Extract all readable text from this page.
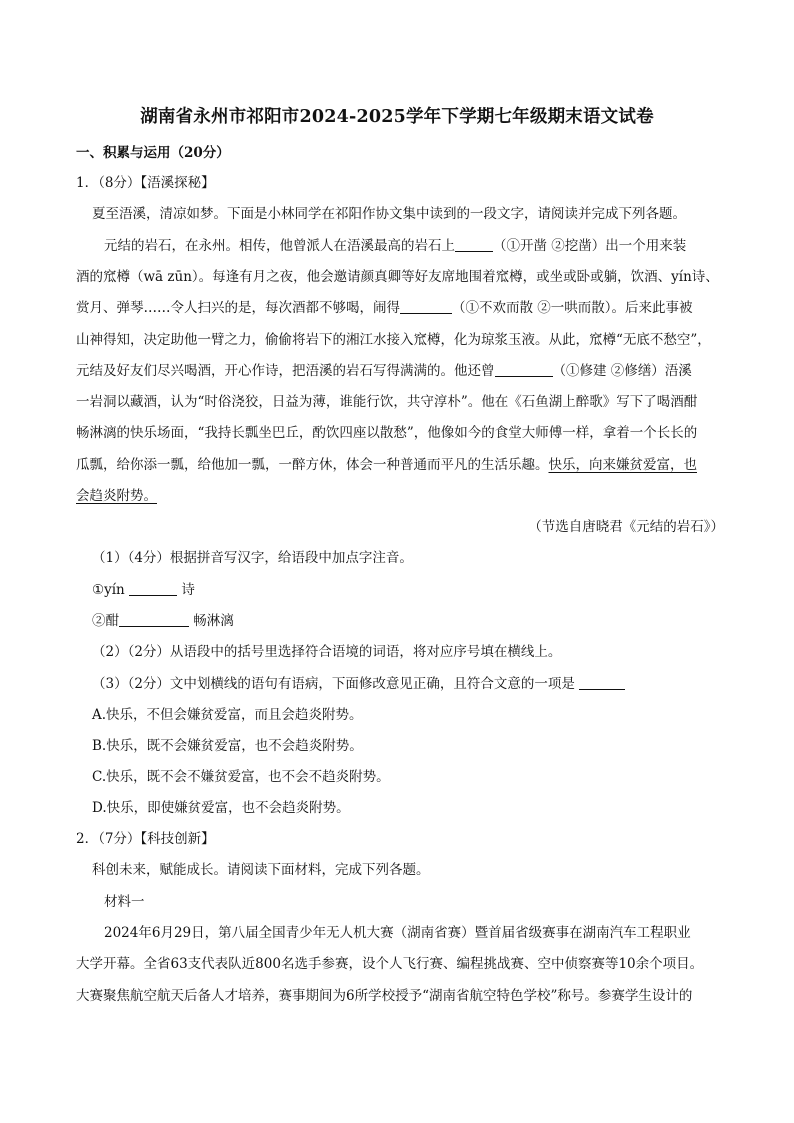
湖南省永州市祁阳市2024-2025学年下学期七年级期末语文试卷
一、积累与运用（20分）
1．（8分）【浯溪探秘】
夏至浯溪，清凉如梦。下面是小林同学在祁阳作协文集中读到的一段文字，请阅读并完成下列各题。
元结的岩石，在永州。相传，他曾派人在浯溪最高的岩石上	（①开凿 ②挖凿）出一个用来装
酒的窊樽（wā zūn）。每逢有月之夜，他会邀请颜真卿等好友席地围着窊樽，或坐或卧或躺，饮酒、yín诗、
赏月、弹琴……令人扫兴的是，每次酒都不够喝，闹得	（①不欢而散 ②一哄而散）。后来此事被
山神得知，决定助他一臂之力，偷偷将岩下的湘江水接入窊樽，化为琼浆玉液。从此，窊樽“无底不愁空”，
元结及好友们尽兴喝酒，开心作诗，把浯溪的岩石写得满满的。他还曾	（①修建 ②修缮）浯溪
一岩洞以藏酒，认为“时俗浇狡，日益为薄，谁能行饮，共守淳朴”。他在《石鱼湖上醉歌》写下了喝酒酣
畅淋漓的快乐场面，“我持长瓢坐巴丘，酌饮四座以散愁”，他像如今的食堂大师傅一样，拿着一个长长的
瓜瓢，给你添一瓢，给他加一瓢，一醉方休，体会一种普通而平凡的生活乐趣。快乐，向来嫌贫爱富，也
会趋炎附势。
（节选自唐晓君《元结的岩石》）
（1）（4分）根据拼音写汉字，给语段中加点字注音。
①yín	诗
②酣	畅淋漓
（2）（2分）从语段中的括号里选择符合语境的词语，将对应序号填在横线上。
（3）（2分）文中划横线的语句有语病，下面修改意见正确，且符合文意的一项是
A.快乐，不但会嫌贫爱富，而且会趋炎附势。
B.快乐，既不会嫌贫爱富，也不会趋炎附势。
C.快乐，既不会不嫌贫爱富，也不会不趋炎附势。
D.快乐，即使嫌贫爱富，也不会趋炎附势。
2．（7分）【科技创新】
科创未来，赋能成长。请阅读下面材料，完成下列各题。
材料一
2024年6月29日，第八届全国青少年无人机大赛（湖南省赛）暨首届省级赛事在湖南汽车工程职业
大学开幕。全省63支代表队近800名选手参赛，设个人飞行赛、编程挑战赛、空中侦察赛等10余个项目。
大赛聚焦航空航天后备人才培养，赛事期间为6所学校授予“湖南省航空特色学校”称号。参赛学生设计的
